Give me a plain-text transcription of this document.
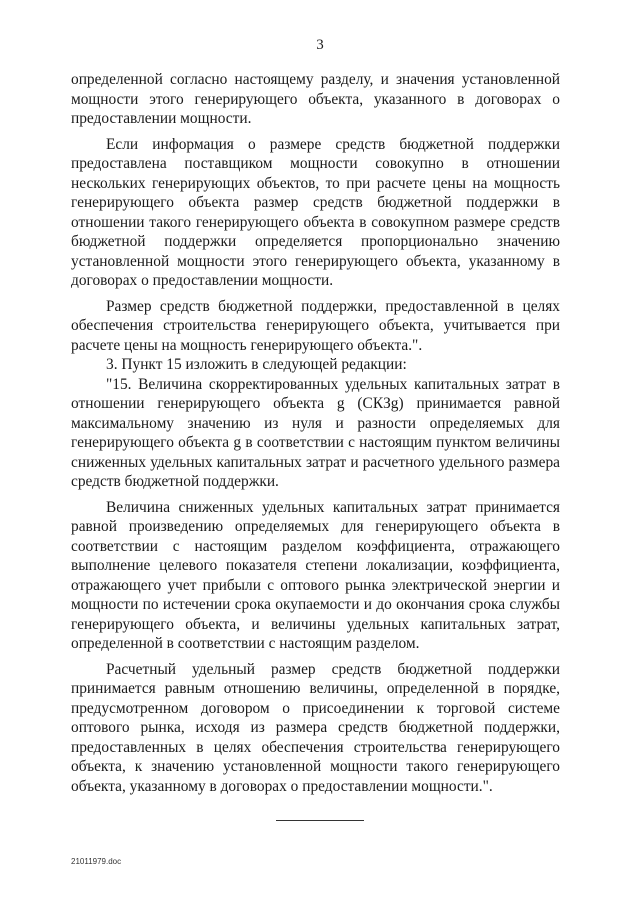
3

определенной согласно настоящему разделу, и значения установленной мощности этого генерирующего объекта, указанного в договорах о предоставлении мощности.

Если информация о размере средств бюджетной поддержки предоставлена поставщиком мощности совокупно в отношении нескольких генерирующих объектов, то при расчете цены на мощность генерирующего объекта размер средств бюджетной поддержки в отношении такого генерирующего объекта в совокупном размере средств бюджетной поддержки определяется пропорционально значению установленной мощности этого генерирующего объекта, указанному в договорах о предоставлении мощности.

Размер средств бюджетной поддержки, предоставленной в целях обеспечения строительства генерирующего объекта, учитывается при расчете цены на мощность генерирующего объекта.".

3. Пункт 15 изложить в следующей редакции:

"15. Величина скорректированных удельных капитальных затрат в отношении генерирующего объекта g (СКЗg) принимается равной максимальному значению из нуля и разности определяемых для генерирующего объекта g в соответствии с настоящим пунктом величины сниженных удельных капитальных затрат и расчетного удельного размера средств бюджетной поддержки.

Величина сниженных удельных капитальных затрат принимается равной произведению определяемых для генерирующего объекта в соответствии с настоящим разделом коэффициента, отражающего выполнение целевого показателя степени локализации, коэффициента, отражающего учет прибыли с оптового рынка электрической энергии и мощности по истечении срока окупаемости и до окончания срока службы генерирующего объекта, и величины удельных капитальных затрат, определенной в соответствии с настоящим разделом.

Расчетный удельный размер средств бюджетной поддержки принимается равным отношению величины, определенной в порядке, предусмотренном договором о присоединении к торговой системе оптового рынка, исходя из размера средств бюджетной поддержки, предоставленных в целях обеспечения строительства генерирующего объекта, к значению установленной мощности такого генерирующего объекта, указанному в договорах о предоставлении мощности.".

21011979.doc
